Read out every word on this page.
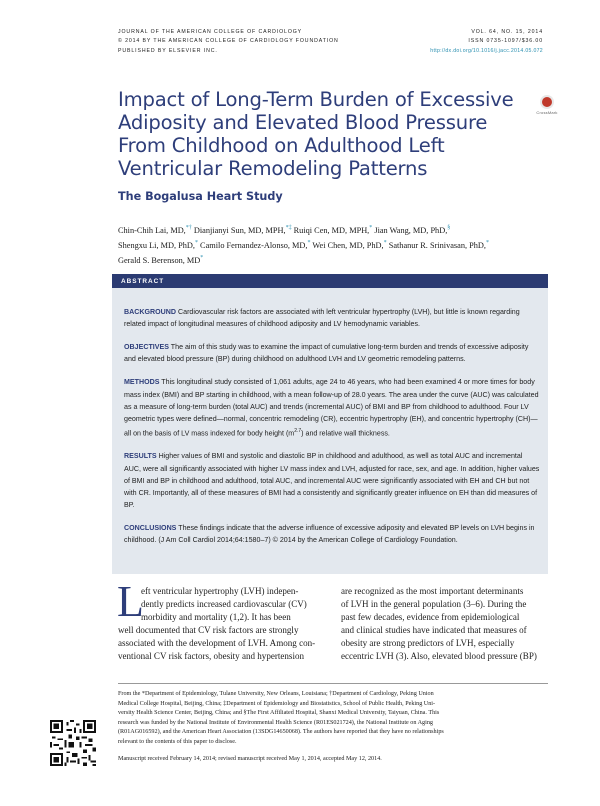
JOURNAL OF THE AMERICAN COLLEGE OF CARDIOLOGY
© 2014 BY THE AMERICAN COLLEGE OF CARDIOLOGY FOUNDATION
PUBLISHED BY ELSEVIER INC.
VOL. 64, NO. 15, 2014
ISSN 0735-1097/$36.00
http://dx.doi.org/10.1016/j.jacc.2014.05.072
Impact of Long-Term Burden of Excessive
Adiposity and Elevated Blood Pressure
From Childhood on Adulthood Left
Ventricular Remodeling Patterns
CrossMark
The Bogalusa Heart Study
Chin-Chih Lai, MD,*† Dianjianyi Sun, MD, MPH,*‡ Ruiqi Cen, MD, MPH,* Jian Wang, MD, PhD,§
Shengxu Li, MD, PhD,* Camilo Fernandez-Alonso, MD,* Wei Chen, MD, PhD,* Sathanur R. Srinivasan, PhD,*
Gerald S. Berenson, MD*
ABSTRACT

BACKGROUND Cardiovascular risk factors are associated with left ventricular hypertrophy (LVH), but little is known regarding related impact of longitudinal measures of childhood adiposity and LV hemodynamic variables.

OBJECTIVES The aim of this study was to examine the impact of cumulative long-term burden and trends of excessive adiposity and elevated blood pressure (BP) during childhood on adulthood LVH and LV geometric remodeling patterns.

METHODS This longitudinal study consisted of 1,061 adults, age 24 to 46 years, who had been examined 4 or more times for body mass index (BMI) and BP starting in childhood, with a mean follow-up of 28.0 years. The area under the curve (AUC) was calculated as a measure of long-term burden (total AUC) and trends (incremental AUC) of BMI and BP from childhood to adulthood. Four LV geometric types were defined—normal, concentric remodeling (CR), eccentric hypertrophy (EH), and concentric hypertrophy (CH)—all on the basis of LV mass indexed for body height $(m^{2.7})$ and relative wall thickness.

RESULTS Higher values of BMI and systolic and diastolic BP in childhood and adulthood, as well as total AUC and incremental AUC, were all significantly associated with higher LV mass index and LVH, adjusted for race, sex, and age. In addition, higher values of BMI and BP in childhood and adulthood, total AUC, and incremental AUC were significantly associated with EH and CH but not with CR. Importantly, all of these measures of BMI had a consistently and significantly greater influence on EH than did measures of BP.

CONCLUSIONS These findings indicate that the adverse influence of excessive adiposity and elevated BP levels on LVH begins in childhood. (J Am Coll Cardiol 2014;64:1580–7) © 2014 by the American College of Cardiology Foundation.

L
eft ventricular hypertrophy (LVH) indepen-
dently predicts increased cardiovascular (CV)
morbidity and mortality (1,2). It has been
well documented that CV risk factors are strongly
associated with the development of LVH. Among con-
ventional CV risk factors, obesity and hypertension
are recognized as the most important determinants
of LVH in the general population (3–6). During the
past few decades, evidence from epidemiological
and clinical studies have indicated that measures of
obesity are strong predictors of LVH, especially
eccentric LVH (3). Also, elevated blood pressure (BP)
From the *Department of Epidemiology, Tulane University, New Orleans, Louisiana; †Department of Cardiology, Peking Union
Medical College Hospital, Beijing, China; ‡Department of Epidemiology and Biostatistics, School of Public Health, Peking Uni-
versity Health Science Center, Beijing, China; and §The First Affiliated Hospital, Shanxi Medical University, Taiyuan, China. This
research was funded by the National Institute of Environmental Health Science (R01ES021724), the National Institute on Aging
(R01AG016592), and the American Heart Association (13SDG14650068). The authors have reported that they have no relationships
relevant to the contents of this paper to disclose.
Manuscript received February 14, 2014; revised manuscript received May 1, 2014, accepted May 12, 2014.
